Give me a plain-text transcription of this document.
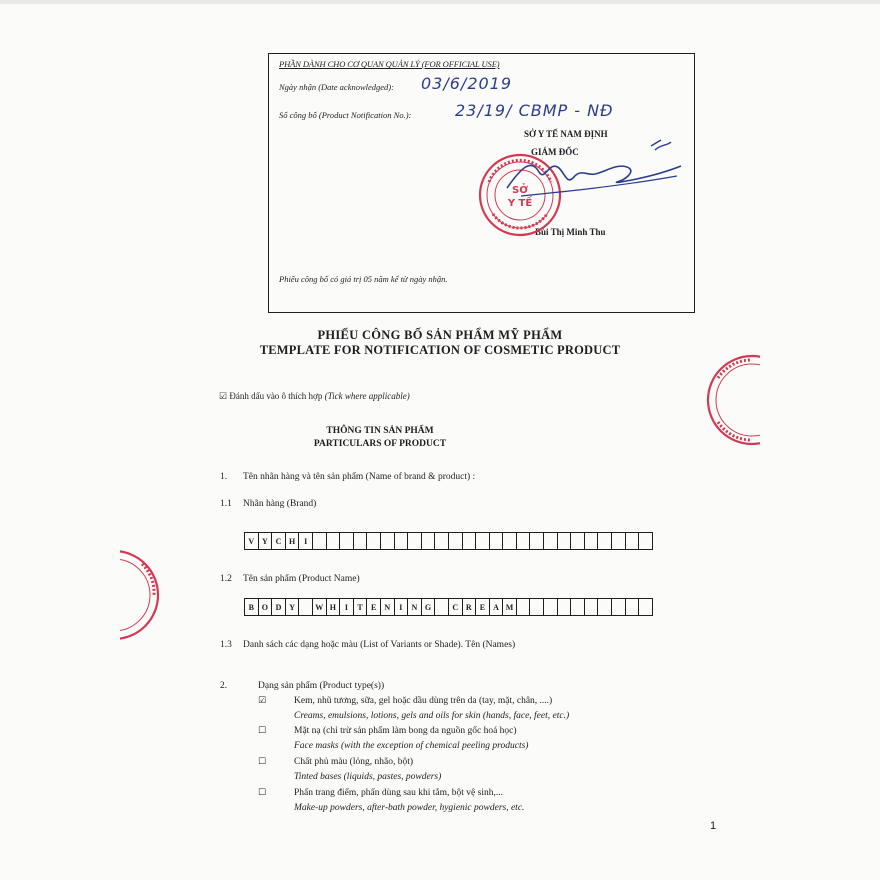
PHẦN DÀNH CHO CƠ QUAN QUẢN LÝ (FOR OFFICIAL USE)
Ngày nhận (Date acknowledged): 03/6/2019
Số công bố (Product Notification No.):	23/19/ CBMP - NĐ
SỞ Y TẾ NAM ĐỊNH
GIÁM ĐỐC
Bùi Thị Minh Thu
Phiếu công bố có giá trị 05 năm kể từ ngày nhận.
SỞ
Y TẾ
PHIẾU CÔNG BỐ SẢN PHẨM MỸ PHẨM
TEMPLATE FOR NOTIFICATION OF COSMETIC PRODUCT
☑ Đánh dấu vào ô thích hợp (Tick where applicable)
THÔNG TIN SẢN PHẨM
PARTICULARS OF PRODUCT
1. Tên nhãn hàng và tên sản phẩm (Name of brand & product) :
1.1 Nhãn hàng (Brand)
V Y C H	I
1.2 Tên sản phẩm (Product Name)
B O D Y	W H	I	T	E	N	I	N G	C R	E	A M
1.3 Danh sách các dạng hoặc màu (List of Variants or Shade). Tên (Names)
2.	Dạng sản phẩm (Product type(s))
☑	Kem, nhũ tương, sữa, gel hoặc dầu dùng trên da (tay, mặt, chân, ....)
Creams, emulsions, lotions, gels and oils for skin (hands, face, feet, etc.)
☐	Mặt nạ (chỉ trừ sản phẩm làm bong da nguồn gốc hoá học)
Face masks (with the exception of chemical peeling products)
☐	Chất phủ màu (lỏng, nhão, bột)
Tinted bases (liquids, pastes, powders)
☐	Phấn trang điểm, phấn dùng sau khi tắm, bột vệ sinh,...
Make-up powders, after-bath powder, hygienic powders, etc.
1
